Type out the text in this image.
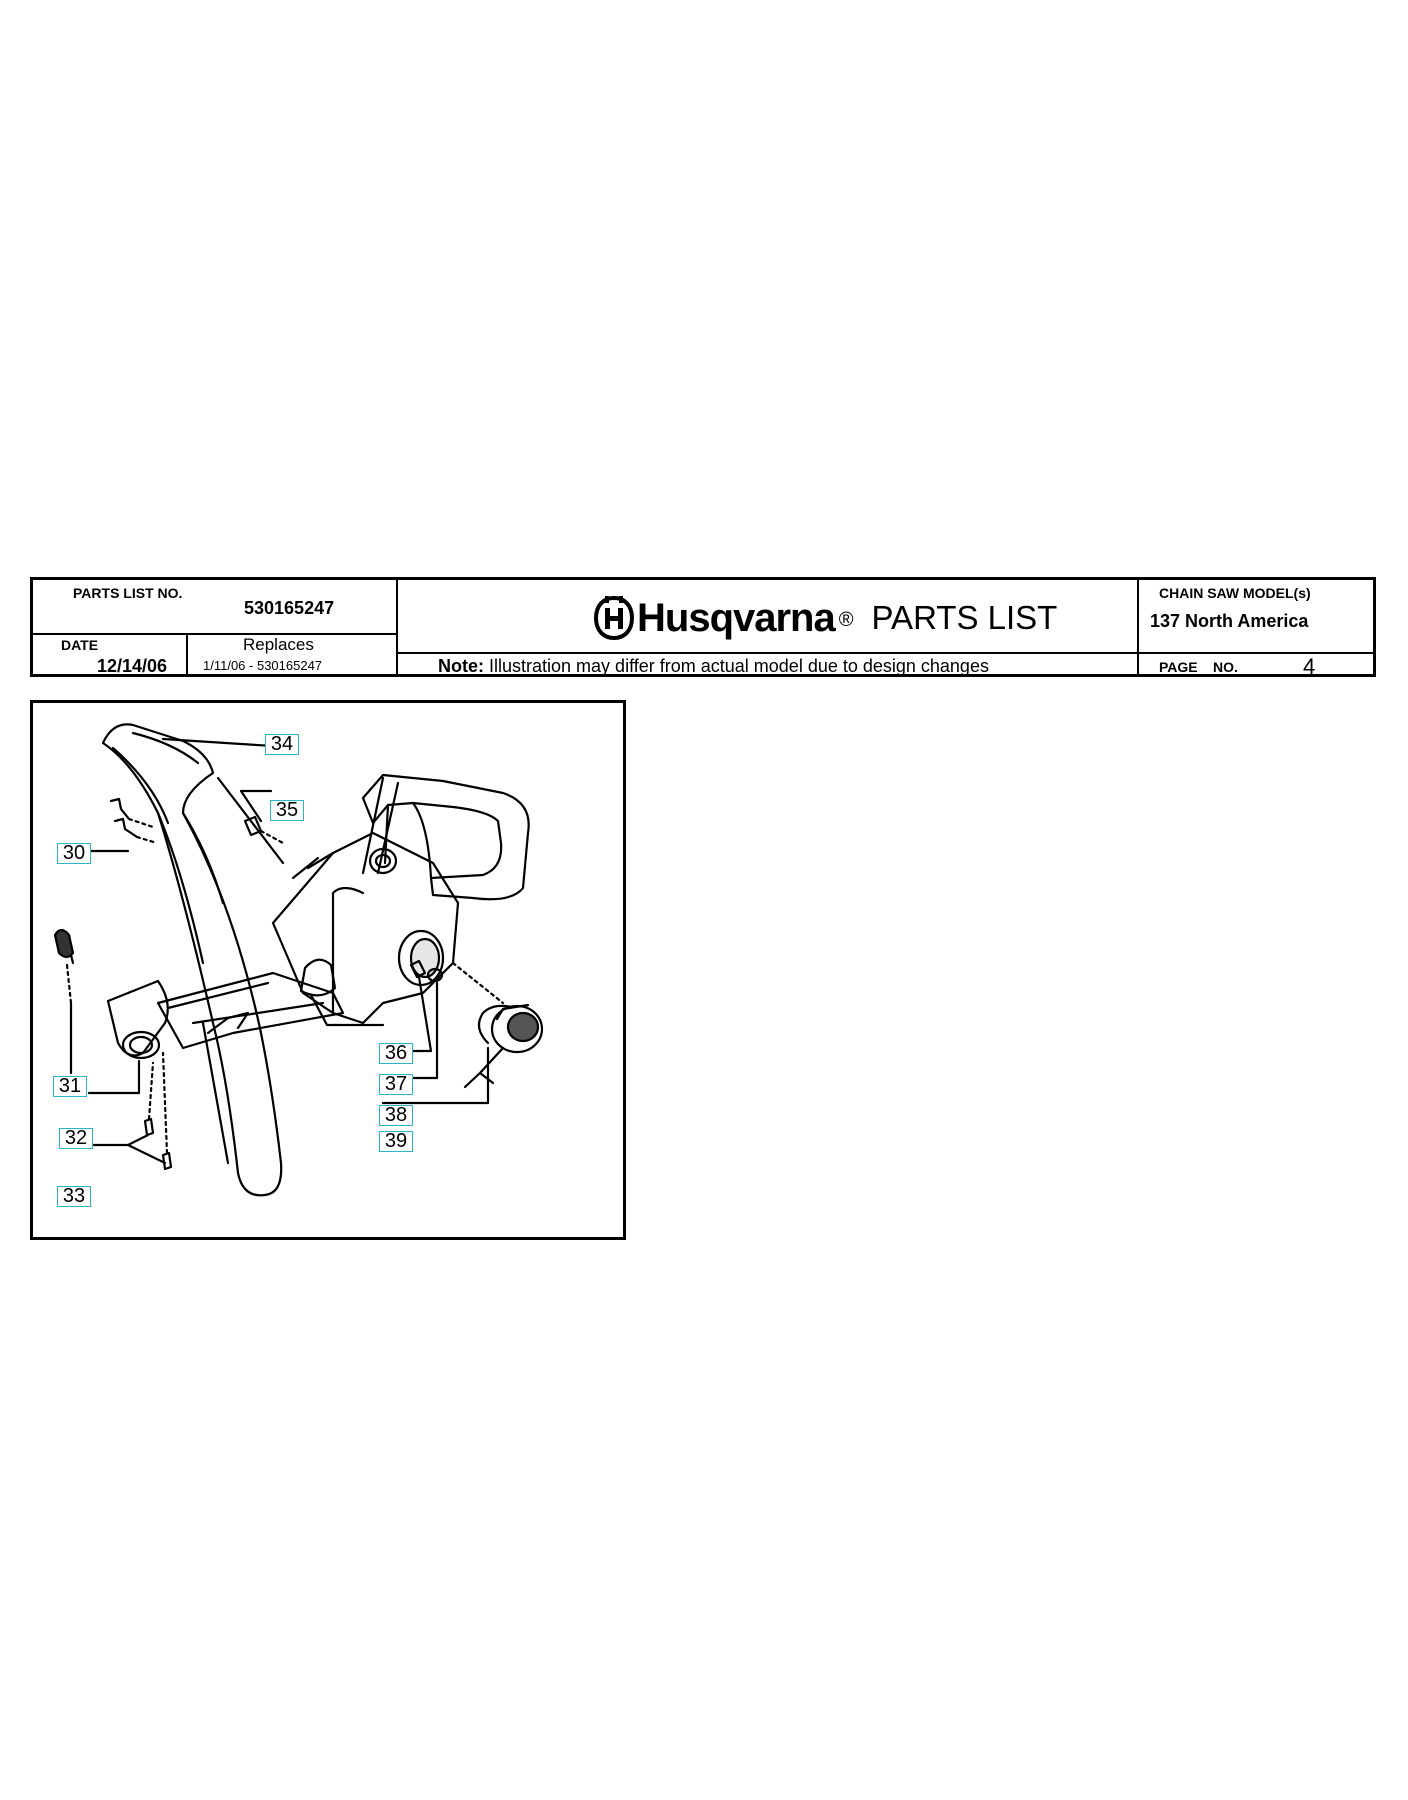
PARTS LIST NO.
530165247
DATE
12/14/06
Replaces
1/11/06 - 530165247
Husqvarna ® PARTS LIST
Note: Illustration may differ from actual model due to design changes
CHAIN SAW MODEL(s)
137 North America
PAGE NO.	4
34
35
30
31
32
33
36
37
38
39
